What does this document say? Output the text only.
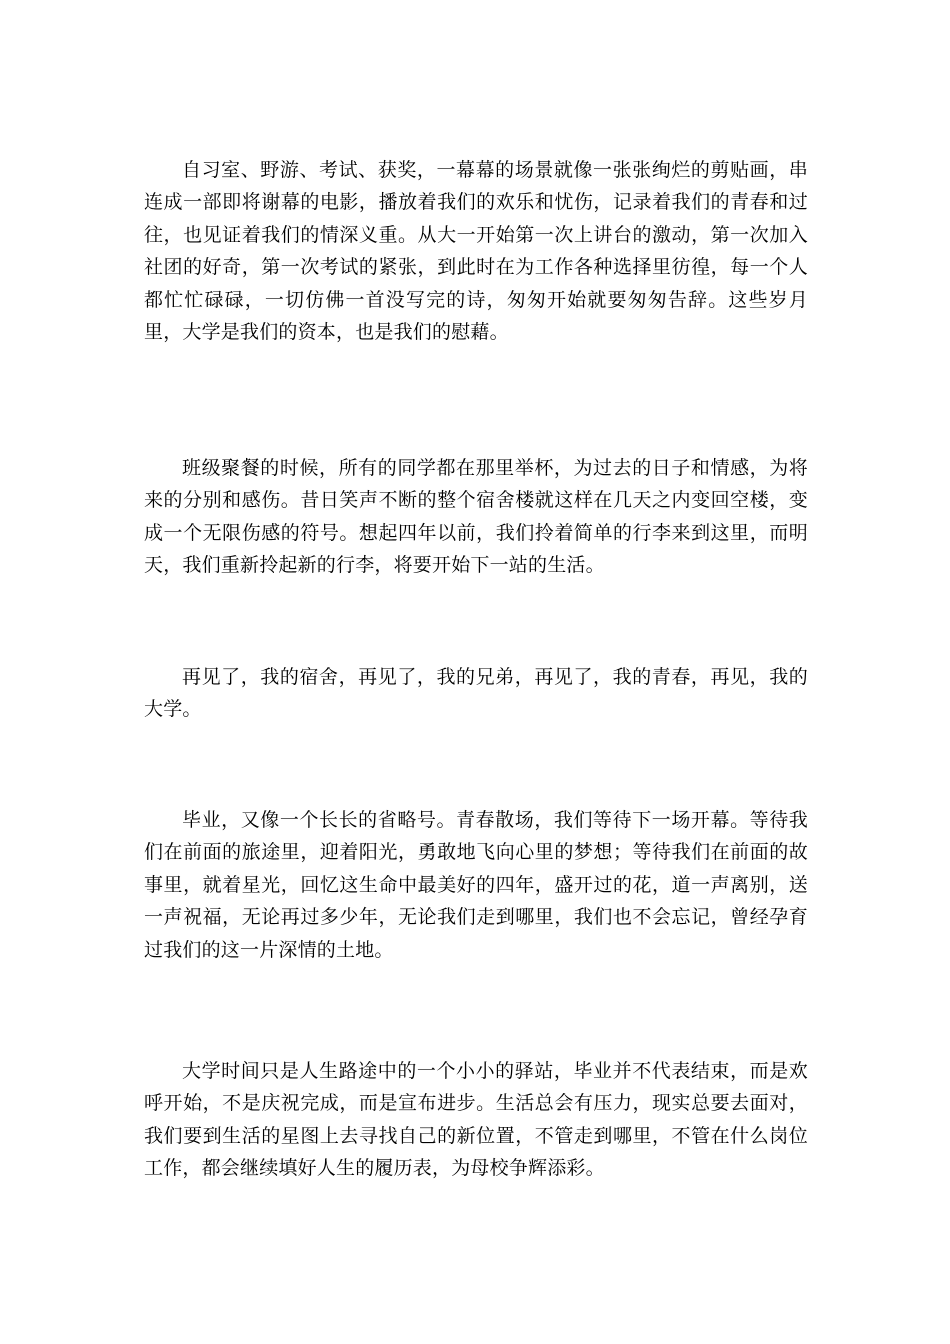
自习室、野游、考试、获奖，一幕幕的场景就像一张张绚烂的剪贴画，串连成一部即将谢幕的电影，播放着我们的欢乐和忧伤，记录着我们的青春和过往，也见证着我们的情深义重。从大一开始第一次上讲台的激动，第一次加入社团的好奇，第一次考试的紧张，到此时在为工作各种选择里彷徨，每一个人都忙忙碌碌，一切仿佛一首没写完的诗，匆匆开始就要匆匆告辞。这些岁月里，大学是我们的资本，也是我们的慰藉。

班级聚餐的时候，所有的同学都在那里举杯，为过去的日子和情感，为将来的分别和感伤。昔日笑声不断的整个宿舍楼就这样在几天之内变回空楼，变成一个无限伤感的符号。想起四年以前，我们拎着简单的行李来到这里，而明天，我们重新拎起新的行李，将要开始下一站的生活。

再见了，我的宿舍，再见了，我的兄弟，再见了，我的青春，再见，我的大学。

毕业，又像一个长长的省略号。青春散场，我们等待下一场开幕。等待我们在前面的旅途里，迎着阳光，勇敢地飞向心里的梦想；等待我们在前面的故事里，就着星光，回忆这生命中最美好的四年，盛开过的花，道一声离别，送一声祝福，无论再过多少年，无论我们走到哪里，我们也不会忘记，曾经孕育过我们的这一片深情的土地。

大学时间只是人生路途中的一个小小的驿站，毕业并不代表结束，而是欢呼开始，不是庆祝完成，而是宣布进步。生活总会有压力，现实总要去面对，我们要到生活的星图上去寻找自己的新位置，不管走到哪里，不管在什么岗位工作，都会继续填好人生的履历表，为母校争辉添彩。
